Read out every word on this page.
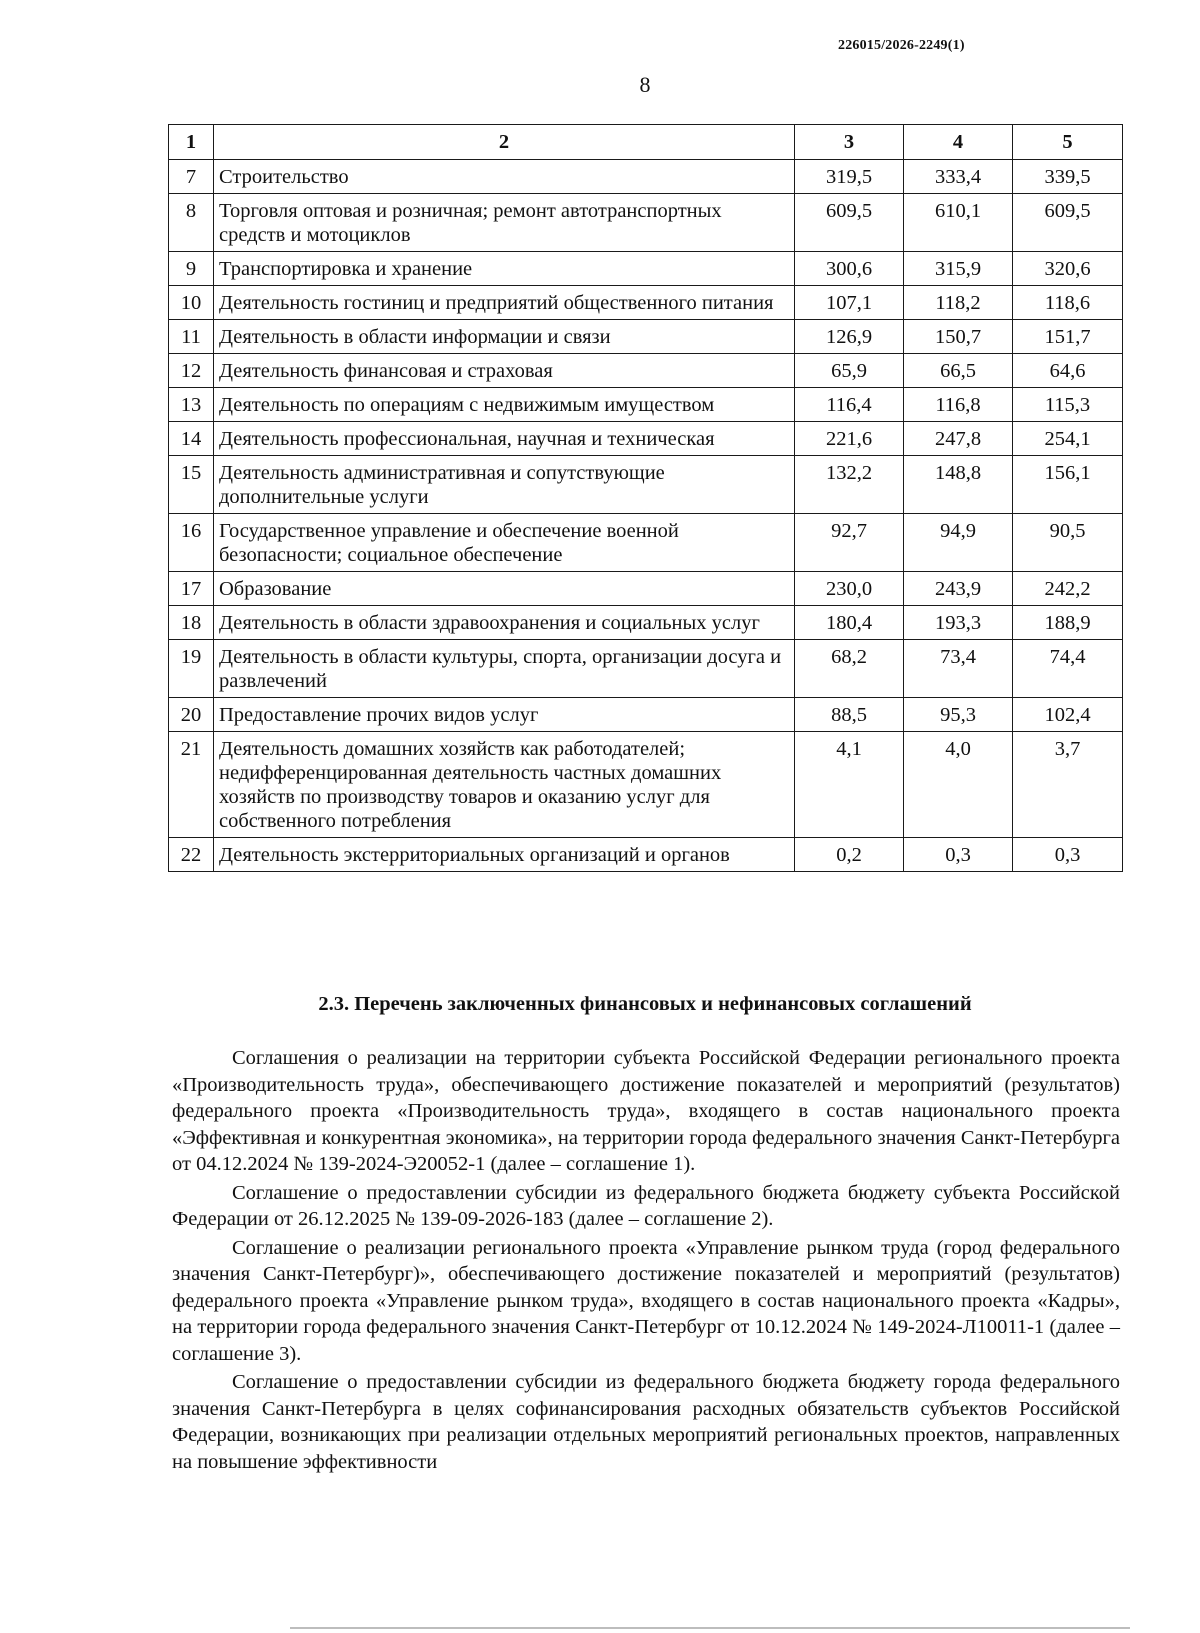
226015/2026-2249(1)
8
1	2	3	4	5
7	Строительство	319,5	333,4	339,5
8	Торговля оптовая и розничная; ремонт автотранспортных средств и мотоциклов	609,5	610,1	609,5
9	Транспортировка и хранение	300,6	315,9	320,6
10	Деятельность гостиниц и предприятий общественного питания	107,1	118,2	118,6
11	Деятельность в области информации и связи	126,9	150,7	151,7
12	Деятельность финансовая и страховая	65,9	66,5	64,6
13	Деятельность по операциям с недвижимым имуществом	116,4	116,8	115,3
14	Деятельность профессиональная, научная и техническая	221,6	247,8	254,1
15	Деятельность административная и сопутствующие дополнительные услуги	132,2	148,8	156,1
16	Государственное управление и обеспечение военной безопасности; социальное обеспечение	92,7	94,9	90,5
17	Образование	230,0	243,9	242,2
18	Деятельность в области здравоохранения и социальных услуг	180,4	193,3	188,9
19	Деятельность в области культуры, спорта, организации досуга и развлечений	68,2	73,4	74,4
20	Предоставление прочих видов услуг	88,5	95,3	102,4
21	Деятельность домашних хозяйств как работодателей; недифференцированная деятельность частных домашних хозяйств по производству товаров и оказанию услуг для собственного потребления	4,1	4,0	3,7
22	Деятельность экстерриториальных организаций и органов	0,2	0,3	0,3
2.3. Перечень заключенных финансовых и нефинансовых соглашений

Соглашения о реализации на территории субъекта Российской Федерации регионального проекта «Производительность труда», обеспечивающего достижение показателей и мероприятий (результатов) федерального проекта «Производительность труда», входящего в состав национального проекта «Эффективная и конкурентная экономика», на территории города федерального значения Санкт-Петербурга от 04.12.2024 № 139-2024-Э20052-1 (далее – соглашение 1).

Соглашение о предоставлении субсидии из федерального бюджета бюджету субъекта Российской Федерации от 26.12.2025 № 139-09-2026-183 (далее – соглашение 2).

Соглашение о реализации регионального проекта «Управление рынком труда (город федерального значения Санкт-Петербург)», обеспечивающего достижение показателей и мероприятий (результатов) федерального проекта «Управление рынком труда», входящего в состав национального проекта «Кадры», на территории города федерального значения Санкт-Петербург от 10.12.2024 № 149-2024-Л10011-1 (далее – соглашение 3).

Соглашение о предоставлении субсидии из федерального бюджета бюджету города федерального значения Санкт-Петербурга в целях софинансирования расходных обязательств субъектов Российской Федерации, возникающих при реализации отдельных мероприятий региональных проектов, направленных на повышение эффективности
